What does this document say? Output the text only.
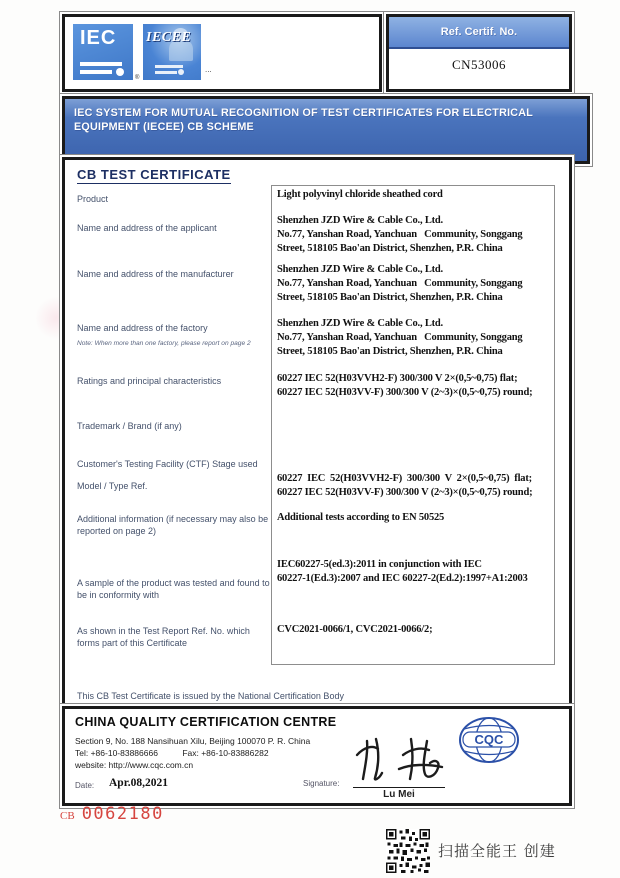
IEC
®
IECEE
...
Ref. Certif. No.
CN53006
IEC SYSTEM FOR MUTUAL RECOGNITION OF TEST CERTIFICATES FOR ELECTRICAL EQUIPMENT (IECEE) CB SCHEME
CB TEST CERTIFICATE
Product
Name and address of the applicant
Name and address of the manufacturer
Name and address of the factory
Note: When more than one factory, please report on page 2
Ratings and principal characteristics
Trademark / Brand (if any)
Customer's Testing Facility (CTF) Stage used
Model / Type Ref.
Additional information (if necessary may also be reported on page 2)
A sample of the product was tested and found to be in conformity with
As shown in the Test Report Ref. No. which forms part of this Certificate
Light polyvinyl chloride sheathed cord
Shenzhen JZD Wire & Cable Co., Ltd.
No.77, Yanshan Road, Yanchuan   Community, Songgang
Street, 518105 Bao'an District, Shenzhen, P.R. China
Shenzhen JZD Wire & Cable Co., Ltd.
No.77, Yanshan Road, Yanchuan   Community, Songgang
Street, 518105 Bao'an District, Shenzhen, P.R. China
Shenzhen JZD Wire & Cable Co., Ltd.
No.77, Yanshan Road, Yanchuan   Community, Songgang
Street, 518105 Bao'an District, Shenzhen, P.R. China
60227 IEC 52(H03VVH2-F) 300/300 V 2×(0,5~0,75) flat;
60227 IEC 52(H03VV-F) 300/300 V (2~3)×(0,5~0,75) round;
60227  IEC  52(H03VVH2-F)  300/300  V  2×(0,5~0,75)  flat;
60227 IEC 52(H03VV-F) 300/300 V (2~3)×(0,5~0,75) round;
Additional tests according to EN 50525
IEC60227-5(ed.3):2011 in conjunction with IEC
60227-1(Ed.3):2007 and IEC 60227-2(Ed.2):1997+A1:2003
CVC2021-0066/1, CVC2021-0066/2;
This CB Test Certificate is issued by the National Certification Body
CHINA QUALITY CERTIFICATION CENTRE
Section 9, No. 188 Nansihuan Xilu, Beijing 100070 P. R. China
Tel: +86-10-83886666	Fax: +86-10-83886282
website: http://www.cqc.com.cn
Date: Apr.08,2021	Signature:
Lu Mei
CQC
CB 0062180
扫描全能王 创建
